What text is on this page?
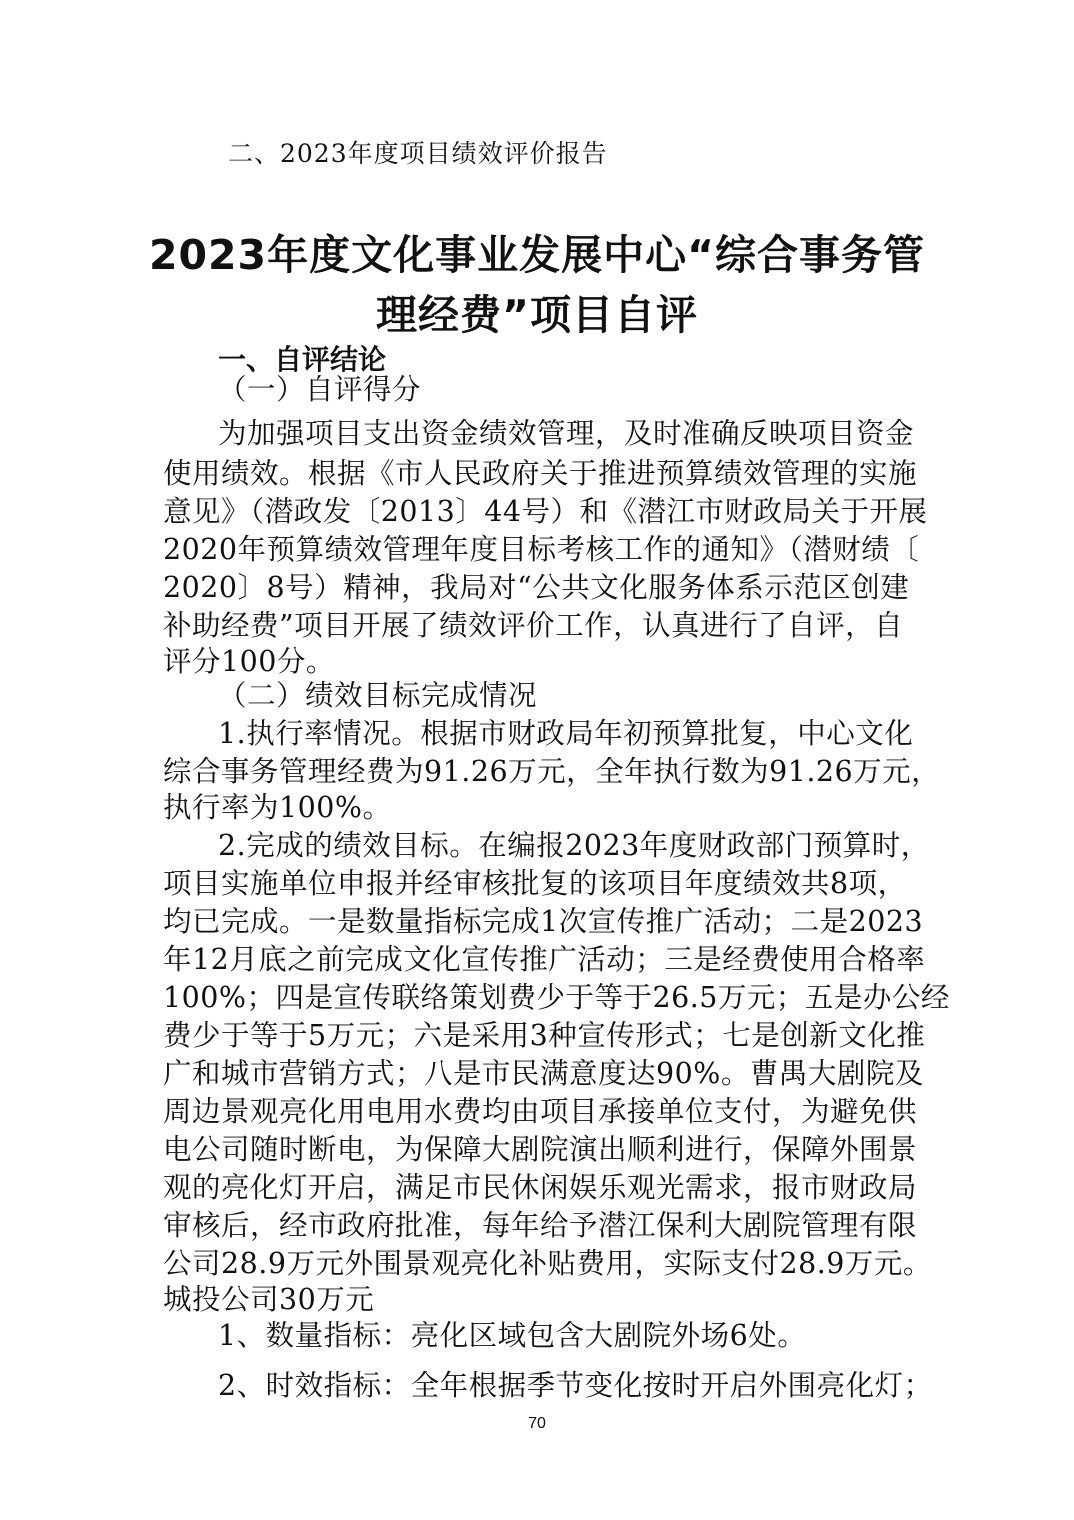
二、2023年度项目绩效评价报告
2023年度文化事业发展中心“综合事务管
理经费”项目自评
一、自评结论
（一）自评得分
为加强项目支出资金绩效管理，及时准确反映项目资金
使用绩效。根据《市人民政府关于推进预算绩效管理的实施
意见》（潜政发〔2013〕44号）和《潜江市财政局关于开展
2020年预算绩效管理年度目标考核工作的通知》（潜财绩〔
2020〕8号）精神，我局对“公共文化服务体系示范区创建
补助经费”项目开展了绩效评价工作，认真进行了自评，自
评分100分。
（二）绩效目标完成情况
1.执行率情况。根据市财政局年初预算批复，中心文化
综合事务管理经费为91.26万元，全年执行数为91.26万元，
执行率为100%。
2.完成的绩效目标。在编报2023年度财政部门预算时，
项目实施单位申报并经审核批复的该项目年度绩效共8项，
均已完成。一是数量指标完成1次宣传推广活动；二是2023
年12月底之前完成文化宣传推广活动；三是经费使用合格率
100%；四是宣传联络策划费少于等于26.5万元；五是办公经
费少于等于5万元；六是采用3种宣传形式；七是创新文化推
广和城市营销方式；八是市民满意度达90%。曹禺大剧院及
周边景观亮化用电用水费均由项目承接单位支付，为避免供
电公司随时断电，为保障大剧院演出顺利进行，保障外围景
观的亮化灯开启，满足市民休闲娱乐观光需求，报市财政局
审核后，经市政府批准，每年给予潜江保利大剧院管理有限
公司28.9万元外围景观亮化补贴费用，实际支付28.9万元。
城投公司30万元
1、数量指标：亮化区域包含大剧院外场6处。
2、时效指标：全年根据季节变化按时开启外围亮化灯；
70
